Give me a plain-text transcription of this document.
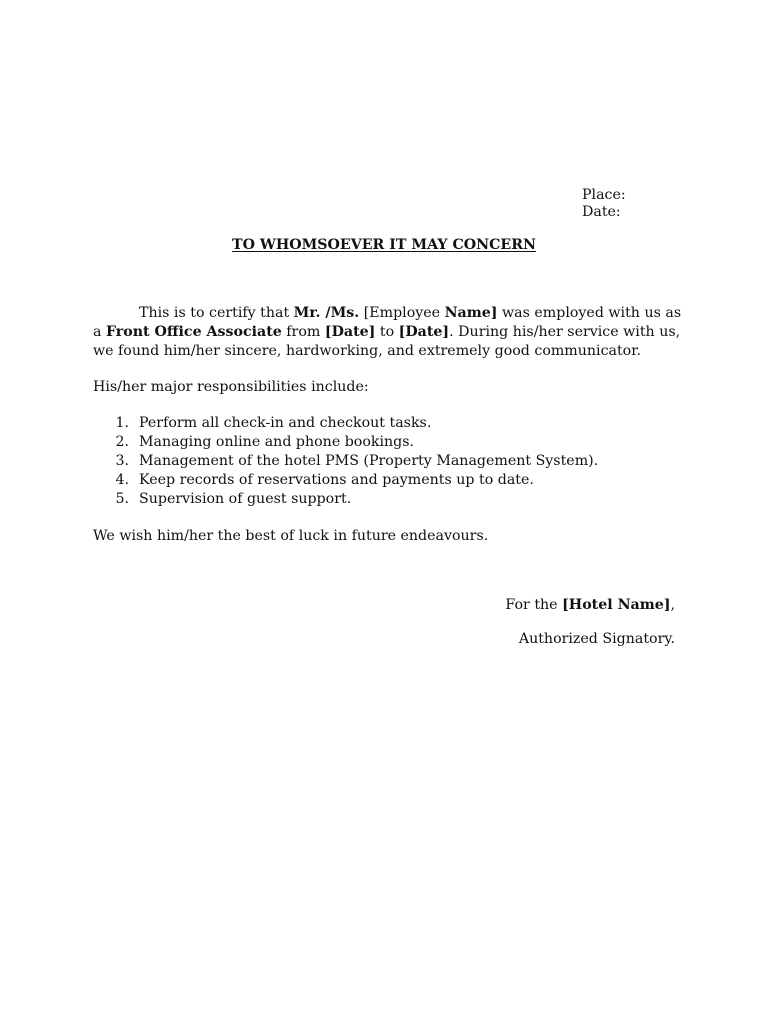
Place:
Date:
TO WHOMSOEVER IT MAY CONCERN
This is to certify that Mr. /Ms. [Employee Name] was employed with us as a Front Office Associate from [Date] to [Date]. During his/her service with us, we found him/her sincere, hardworking, and extremely good communicator.
His/her major responsibilities include:
1. Perform all check-in and checkout tasks.
2. Managing online and phone bookings.
3. Management of the hotel PMS (Property Management System).
4. Keep records of reservations and payments up to date.
5. Supervision of guest support.
We wish him/her the best of luck in future endeavours.
For the [Hotel Name],
Authorized Signatory.
